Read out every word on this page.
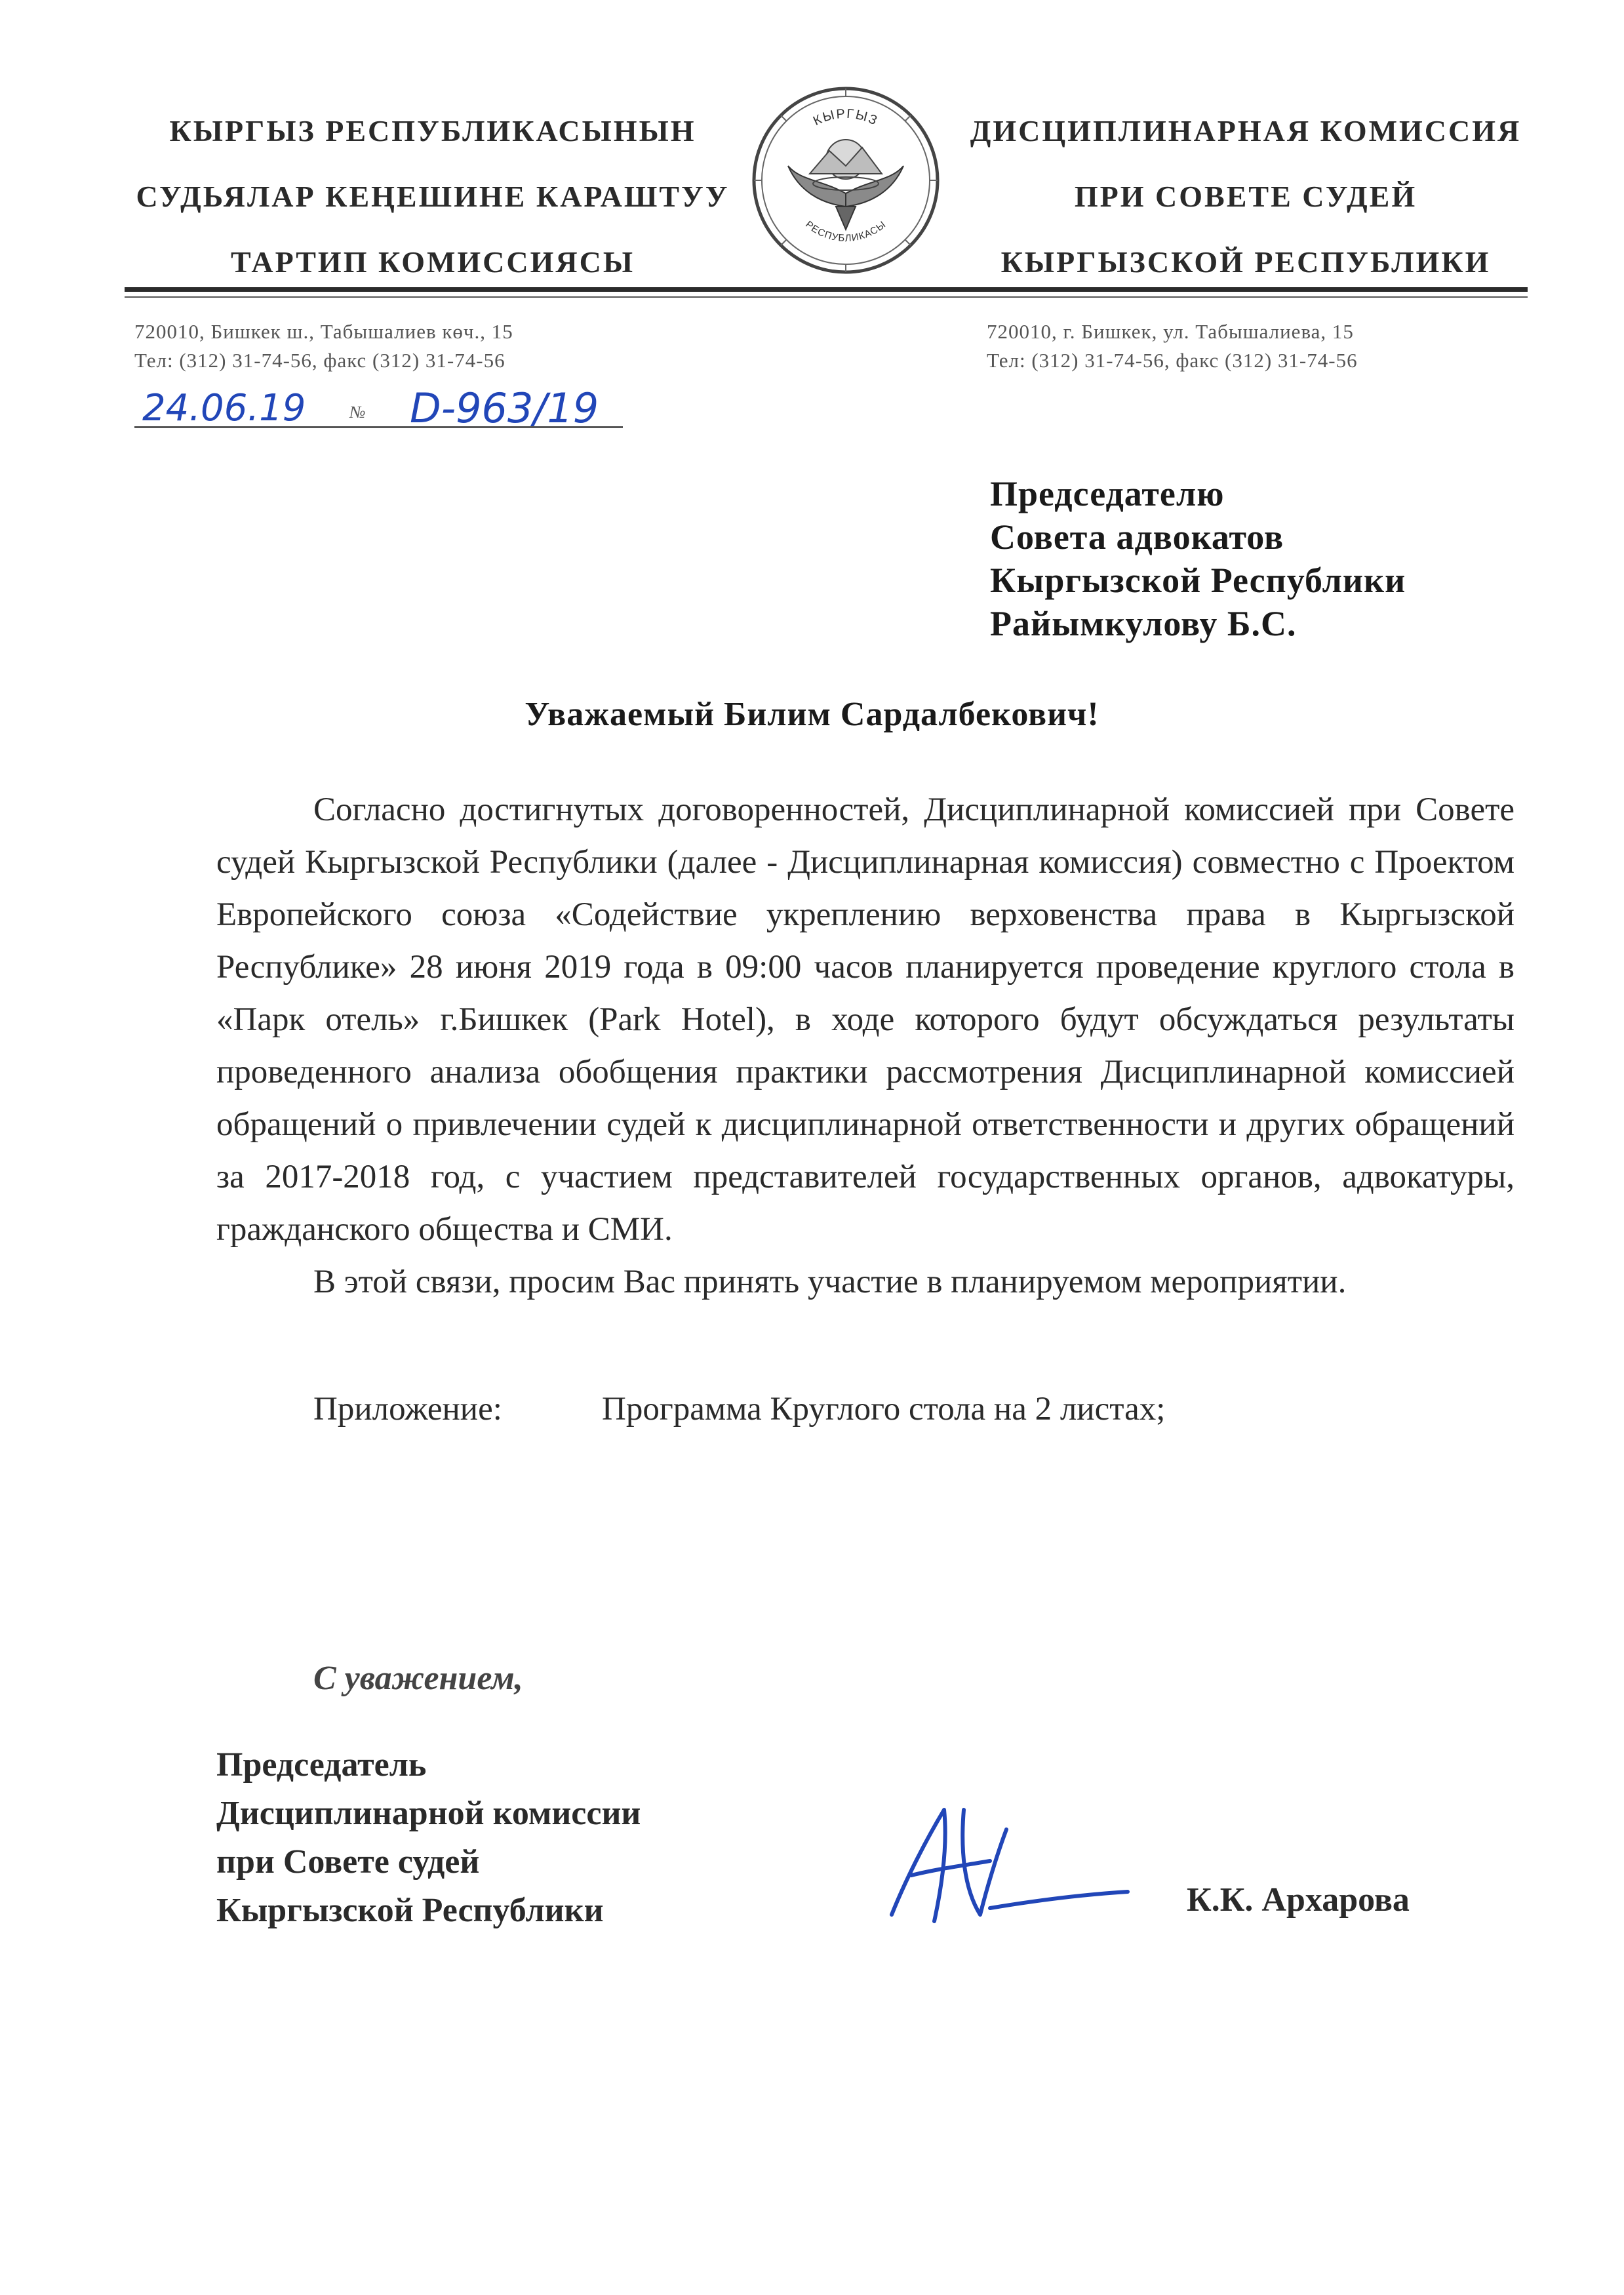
КЫРГЫЗ РЕСПУБЛИКАСЫНЫН
СУДЬЯЛАР КЕҢЕШИНЕ КАРАШТУУ
ТАРТИП КОМИССИЯСЫ
КЫРГЫЗ
РЕСПУБЛИКАСЫ
ДИСЦИПЛИНАРНАЯ КОМИССИЯ
ПРИ СОВЕТЕ СУДЕЙ
КЫРГЫЗСКОЙ РЕСПУБЛИКИ
720010, Бишкек ш., Табышалиев көч., 15
Тел: (312) 31-74-56, факс (312) 31-74-56
720010, г. Бишкек, ул. Табышалиева, 15
Тел: (312) 31-74-56, факс (312) 31-74-56
24.06.19	№ D-963/19
Председателю
Совета адвокатов
Кыргызской Республики
Райымкулову Б.С.
Уважаемый Билим Сардалбекович!

Согласно достигнутых договоренностей, Дисциплинарной комиссией при Совете судей Кыргызской Республики (далее - Дисциплинарная комиссия) совместно с Проектом Европейского союза «Содействие укреплению верховенства права в Кыргызской Республике» 28 июня 2019 года в 09:00 часов планируется проведение круглого стола в «Парк отель» г.Бишкек (Park Hotel), в ходе которого будут обсуждаться результаты проведенного анализа обобщения практики рассмотрения Дисциплинарной комиссией обращений о привлечении судей к дисциплинарной ответственности и других обращений за 2017-2018 год, с участием представителей государственных органов, адвокатуры, гражданского общества и СМИ.

В этой связи, просим Вас принять участие в планируемом мероприятии.

Приложение:	Программа Круглого стола на 2 листах;
С уважением,
Председатель
Дисциплинарной комиссии
при Совете судей
Кыргызской Республики	К.К. Архарова
